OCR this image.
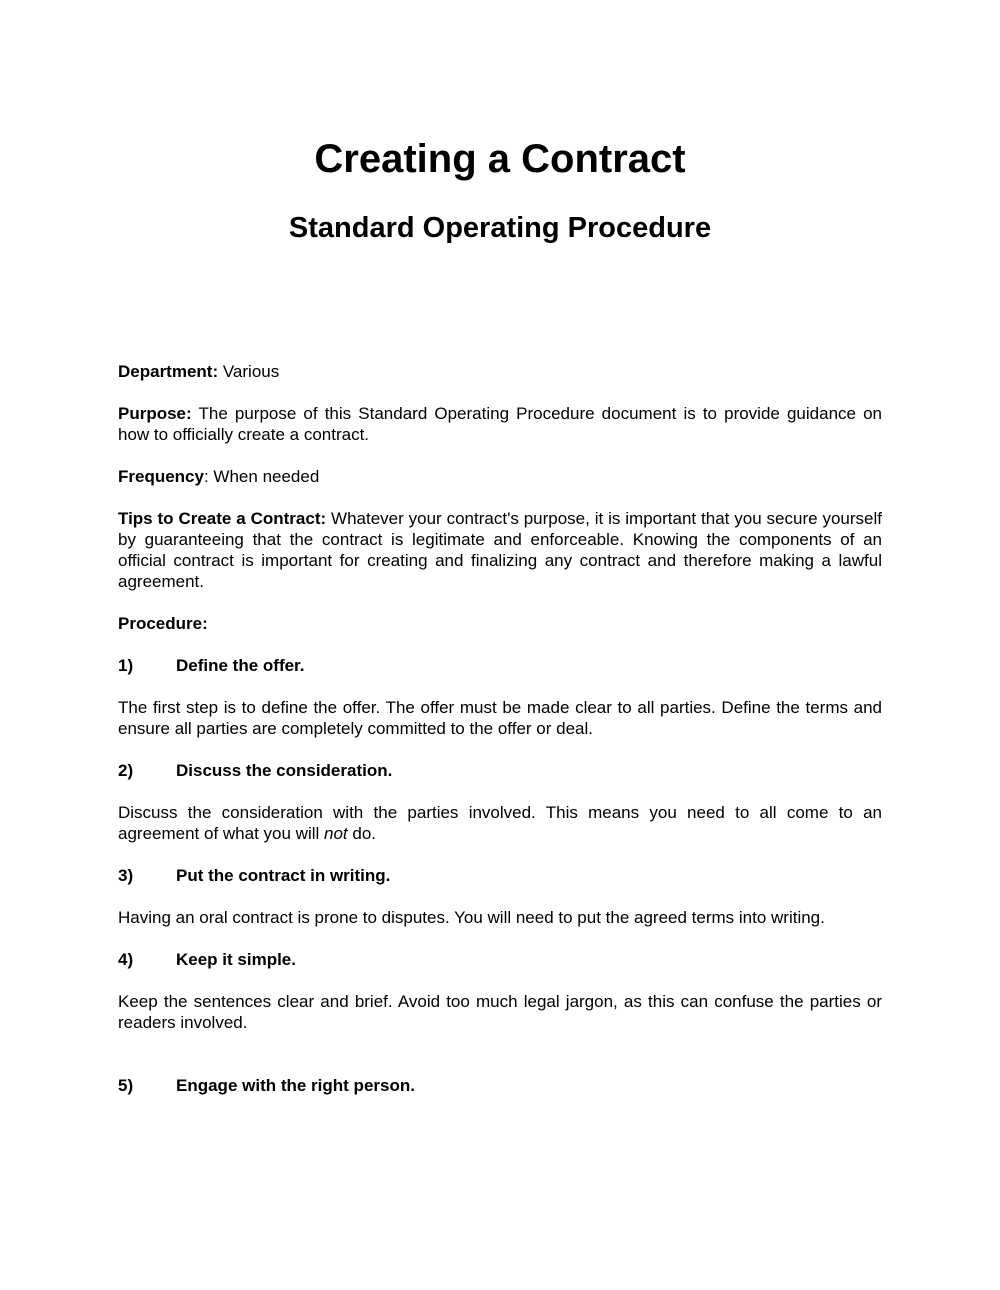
Creating a Contract
Standard Operating Procedure

Department: Various

Purpose: The purpose of this Standard Operating Procedure document is to provide guidance on how to officially create a contract.

Frequency: When needed

Tips to Create a Contract: Whatever your contract's purpose, it is important that you secure yourself by guaranteeing that the contract is legitimate and enforceable. Knowing the components of an official contract is important for creating and finalizing any contract and therefore making a lawful agreement.

Procedure:

1)	Define the offer.

The first step is to define the offer. The offer must be made clear to all parties. Define the terms and ensure all parties are completely committed to the offer or deal.

2)	Discuss the consideration.

Discuss the consideration with the parties involved. This means you need to all come to an agreement of what you will not do.

3)	Put the contract in writing.

Having an oral contract is prone to disputes. You will need to put the agreed terms into writing.

4)	Keep it simple.

Keep the sentences clear and brief. Avoid too much legal jargon, as this can confuse the parties or readers involved.

5)	Engage with the right person.
